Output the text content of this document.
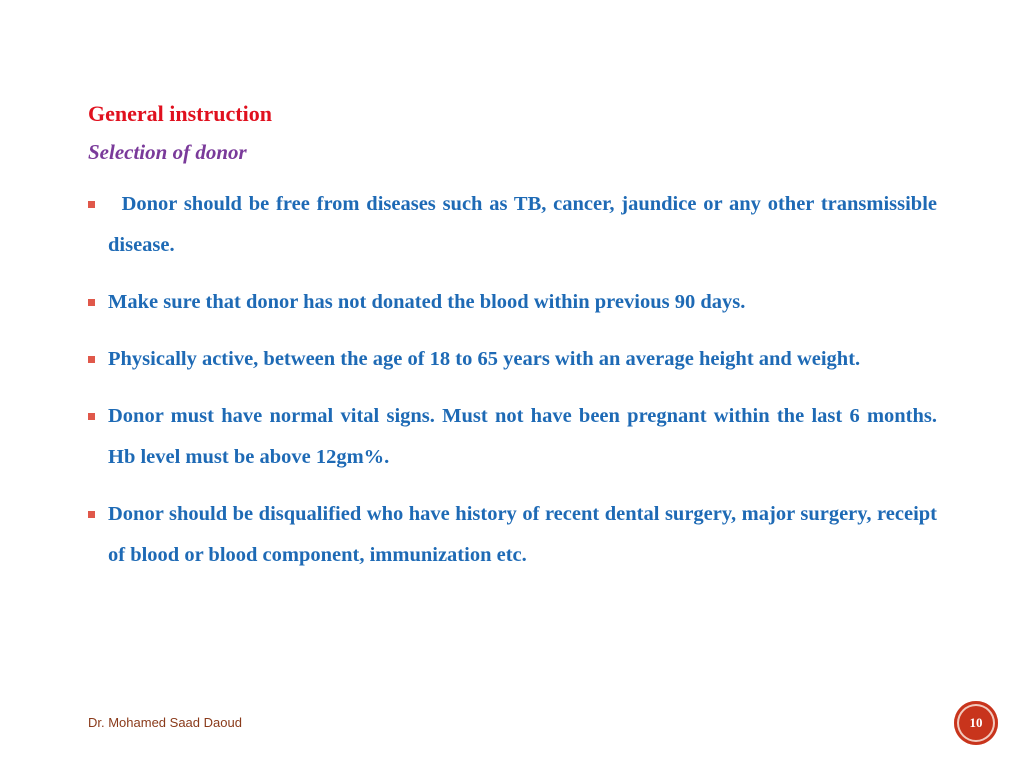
General instruction
Selection of donor
Donor should be free from diseases such as TB, cancer, jaundice or any other transmissible disease.
Make sure that donor has not donated the blood within previous 90 days.
Physically active, between the age of 18 to 65 years with an average height and weight.
Donor must have normal vital signs. Must not have been pregnant within the last 6 months. Hb level must be above 12gm%.
Donor should be disqualified who have history of recent dental surgery, major surgery, receipt of blood or blood component, immunization etc.
Dr. Mohamed Saad Daoud	10
